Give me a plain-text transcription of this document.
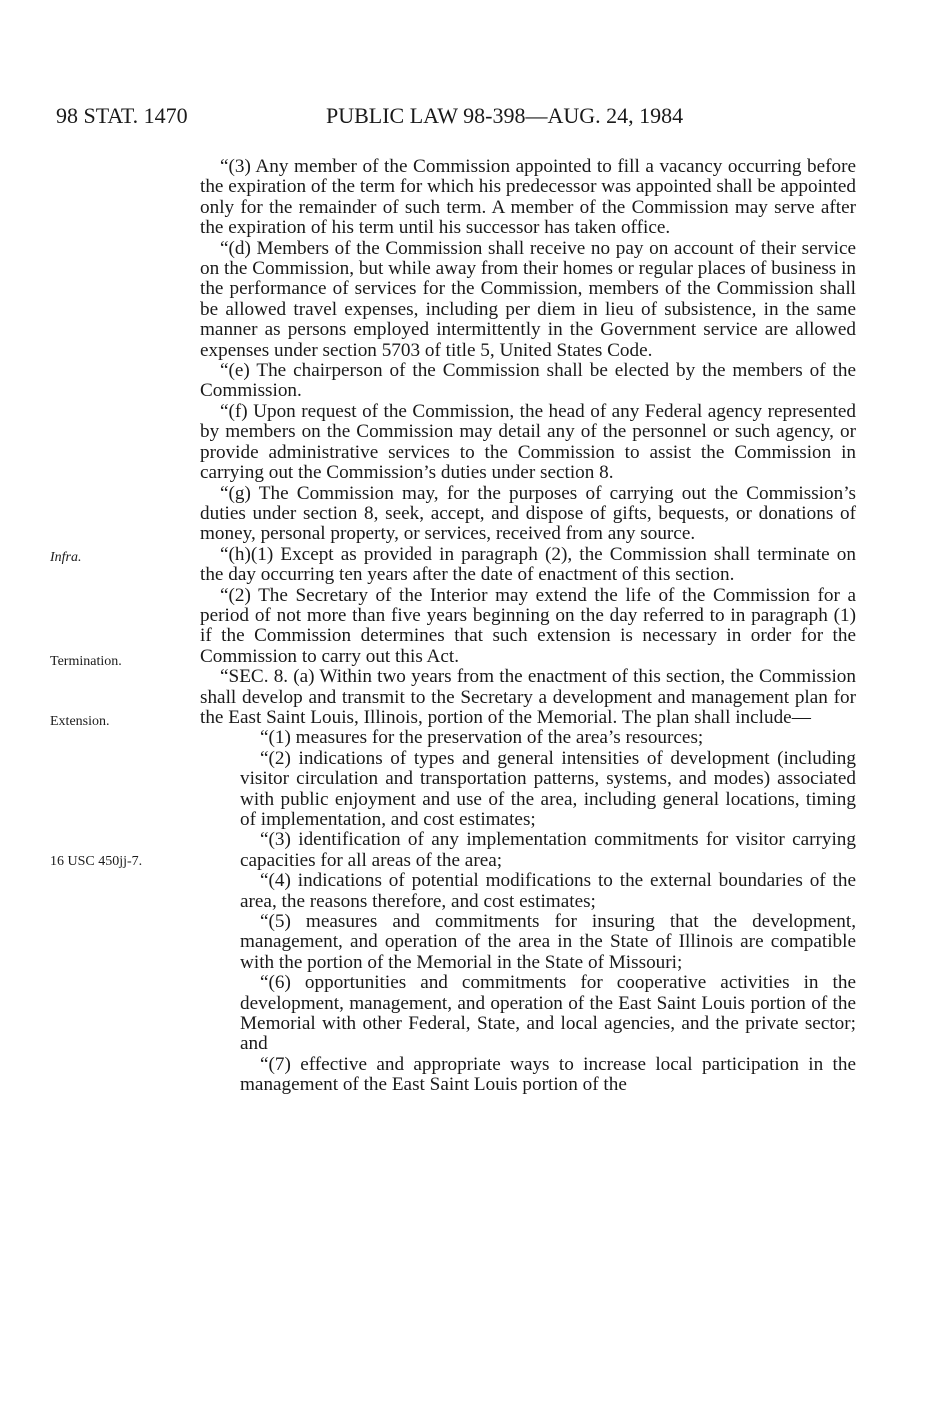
98 STAT. 1470	PUBLIC LAW 98-398—AUG. 24, 1984
Infra.
Termination.
Extension.
16 USC 450jj-7.

“(3) Any member of the Commission appointed to fill a vacancy occurring before the expiration of the term for which his predecessor was appointed shall be appointed only for the remainder of such term. A member of the Commission may serve after the expiration of his term until his successor has taken office.

“(d) Members of the Commission shall receive no pay on account of their service on the Commission, but while away from their homes or regular places of business in the performance of services for the Commission, members of the Commission shall be allowed travel expenses, including per diem in lieu of subsistence, in the same manner as persons employed intermittently in the Government service are allowed expenses under section 5703 of title 5, United States Code.

“(e) The chairperson of the Commission shall be elected by the members of the Commission.

“(f) Upon request of the Commission, the head of any Federal agency represented by members on the Commission may detail any of the personnel or such agency, or provide administrative services to the Commission to assist the Commission in carrying out the Commission’s duties under section 8.

“(g) The Commission may, for the purposes of carrying out the Commission’s duties under section 8, seek, accept, and dispose of gifts, bequests, or donations of money, personal property, or services, received from any source.

“(h)(1) Except as provided in paragraph (2), the Commission shall terminate on the day occurring ten years after the date of enactment of this section.

“(2) The Secretary of the Interior may extend the life of the Commission for a period of not more than five years beginning on the day referred to in paragraph (1) if the Commission determines that such extension is necessary in order for the Commission to carry out this Act.

“SEC. 8. (a) Within two years from the enactment of this section, the Commission shall develop and transmit to the Secretary a development and management plan for the East Saint Louis, Illinois, portion of the Memorial. The plan shall include—

“(1) measures for the preservation of the area’s resources;

“(2) indications of types and general intensities of development (including visitor circulation and transportation patterns, systems, and modes) associated with public enjoyment and use of the area, including general locations, timing of implementation, and cost estimates;

“(3) identification of any implementation commitments for visitor carrying capacities for all areas of the area;

“(4) indications of potential modifications to the external boundaries of the area, the reasons therefore, and cost estimates;

“(5) measures and commitments for insuring that the development, management, and operation of the area in the State of Illinois are compatible with the portion of the Memorial in the State of Missouri;

“(6) opportunities and commitments for cooperative activities in the development, management, and operation of the East Saint Louis portion of the Memorial with other Federal, State, and local agencies, and the private sector; and

“(7) effective and appropriate ways to increase local participation in the management of the East Saint Louis portion of the
